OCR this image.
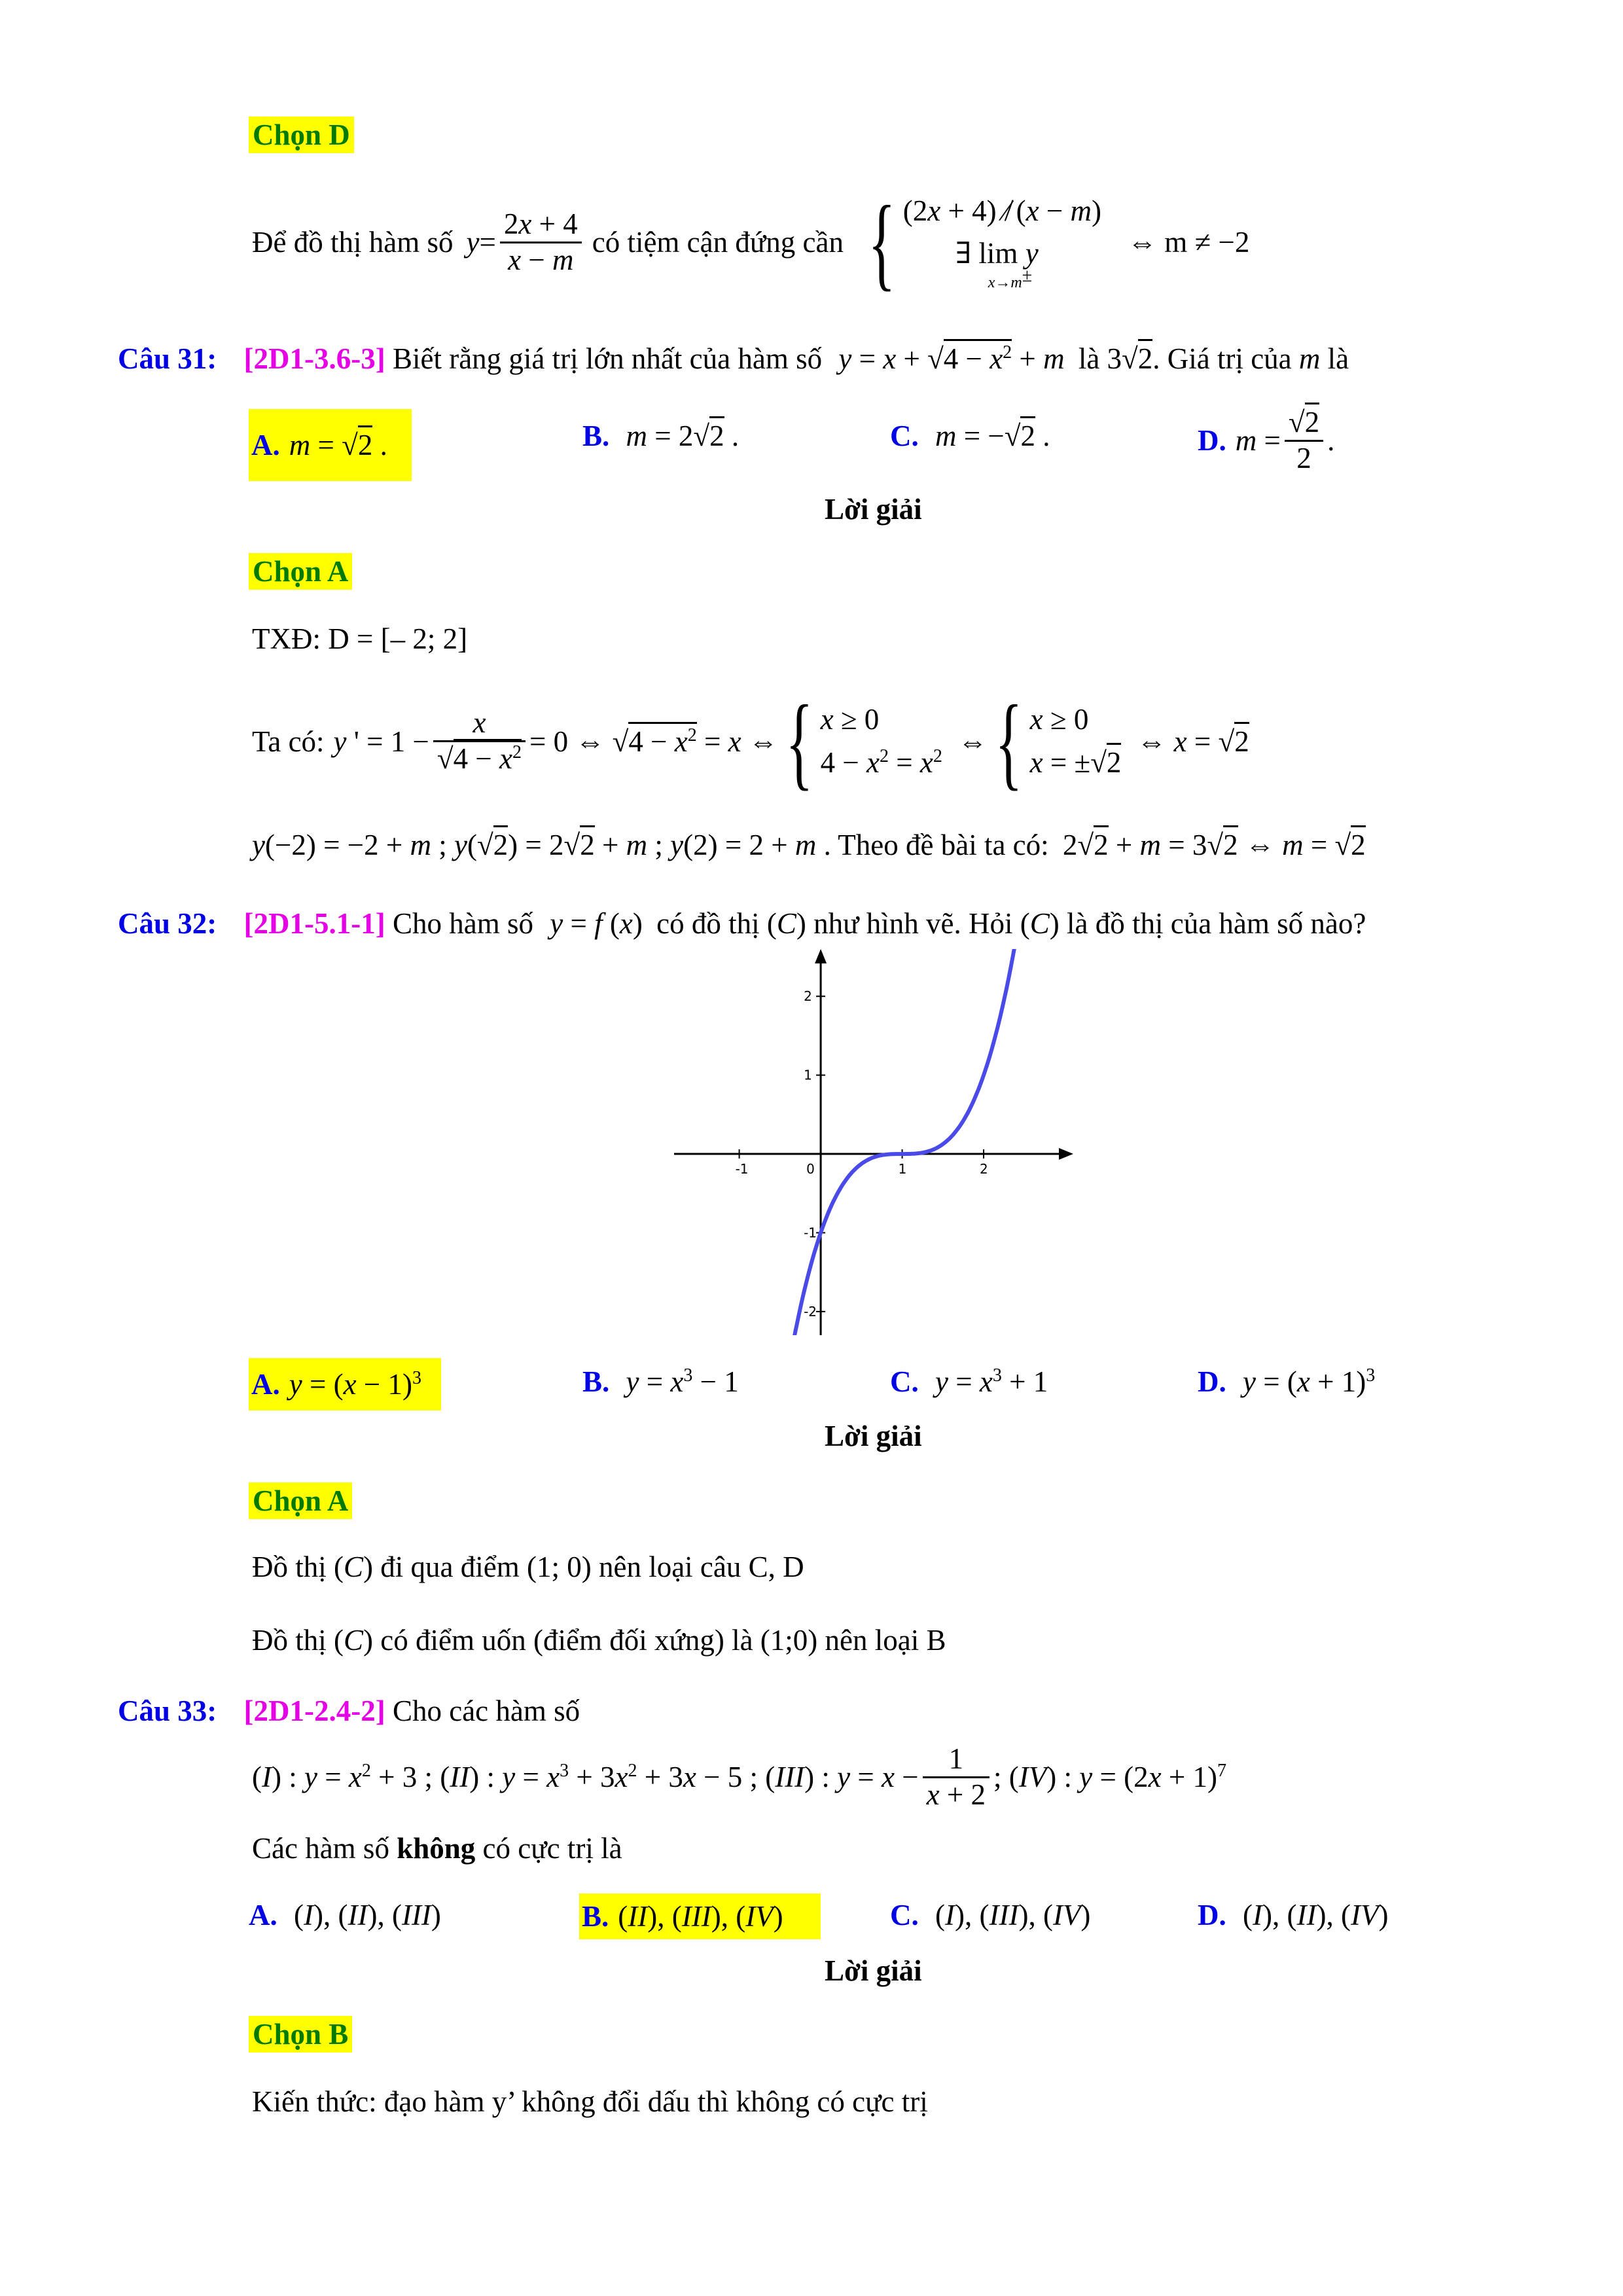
Chọn D
Để đồ thị hàm số $y = \frac{2x + 4}{x - m}$ có tiệm cận đứng cần { (2x + 4) ⁄̸ (x − m)
∃ lim y
x→m±
⇔ m ≠ −2
Câu 31: [2D1-3.6-3] Biết rằng giá trị lớn nhất của hàm số $y = x + √4 - x^2 + m$ là 3√2. Giá trị của m là
A. m = √2 .	B. m = 2√2 .	C. m = −√2 .	D. $m = \frac{√2}{2}$ .
Lời giải
Chọn A
TXĐ: D = [– 2; 2]
Ta có: y ' = $1 - \frac{x}{√4 - x^2} = 0$ ⇔ $√4 - x^2 = x$ ⇔ { x ≥ 0
$4 - x^2 = x^2$ ⇔ { x ≥ 0
x = ±√2
⇔ x = √2
y(−2) = −2 + m ; y(√2) = 2√2 + m ; y(2) = 2 + m . Theo đề bài ta có: 2√2 + m = 3√2 ⇔ m = √2
Câu 32: [2D1-5.1-1] Cho hàm số y = f (x) có đồ thị (C) như hình vẽ. Hỏi (C) là đồ thị của hàm số nào?
-1	0	1	2
2
1
-1
-2
A. $y = (x - 1)^3$	B. $y = x^3 - 1$	C. $y = x^3 + 1$	D. $y = (x + 1)^3$
Lời giải
Chọn A
Đồ thị (C) đi qua điểm (1; 0) nên loại câu C, D
Đồ thị (C) có điểm uốn (điểm đối xứng) là (1;0) nên loại B
Câu 33: [2D1-2.4-2] Cho các hàm số
(I) : $y = x^2 + 3$ ; (II) : $y = x^3 + 3x^2 + 3x - 5$ ; (III) : $y = x - \frac{1}{x + 2}$ ; (IV) : $y = (2x + 1)^7$
Các hàm số không có cực trị là
A. (I), (II), (III)	B. (II), (III), (IV)	C. (I), (III), (IV)	D. (I), (II), (IV)
Lời giải
Chọn B
Kiến thức: đạo hàm y’ không đổi dấu thì không có cực trị
